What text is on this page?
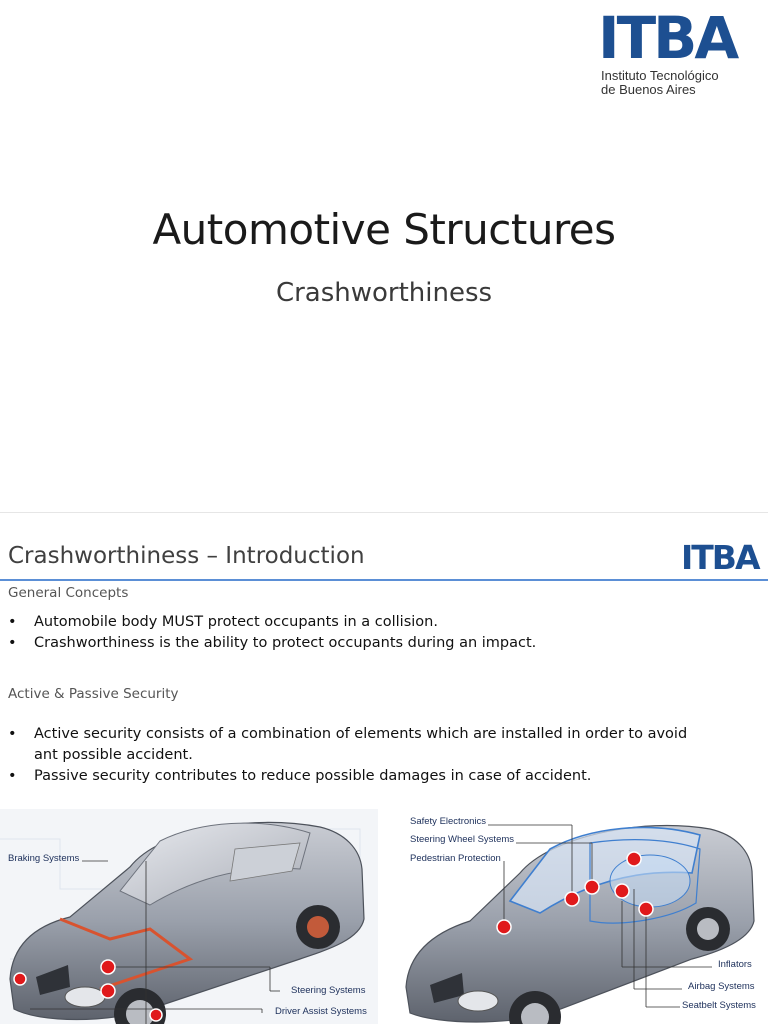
ITBA
Instituto Tecnológico
de Buenos Aires
Automotive Structures
Crashworthiness
Crashworthiness – Introduction	ITBA
General Concepts
• Automobile body MUST protect occupants in a collision.
• Crashworthiness is the ability to protect occupants during an impact.
Active & Passive Security
• Active security consists of a combination of elements which are installed in order to avoid ant possible accident.
• Passive security contributes to reduce possible damages in case of accident.
Braking Systems
Steering Systems
Driver Assist Systems
Safety Electronics
Steering Wheel Systems
Pedestrian Protection
Inflators
Airbag Systems
Seatbelt Systems
